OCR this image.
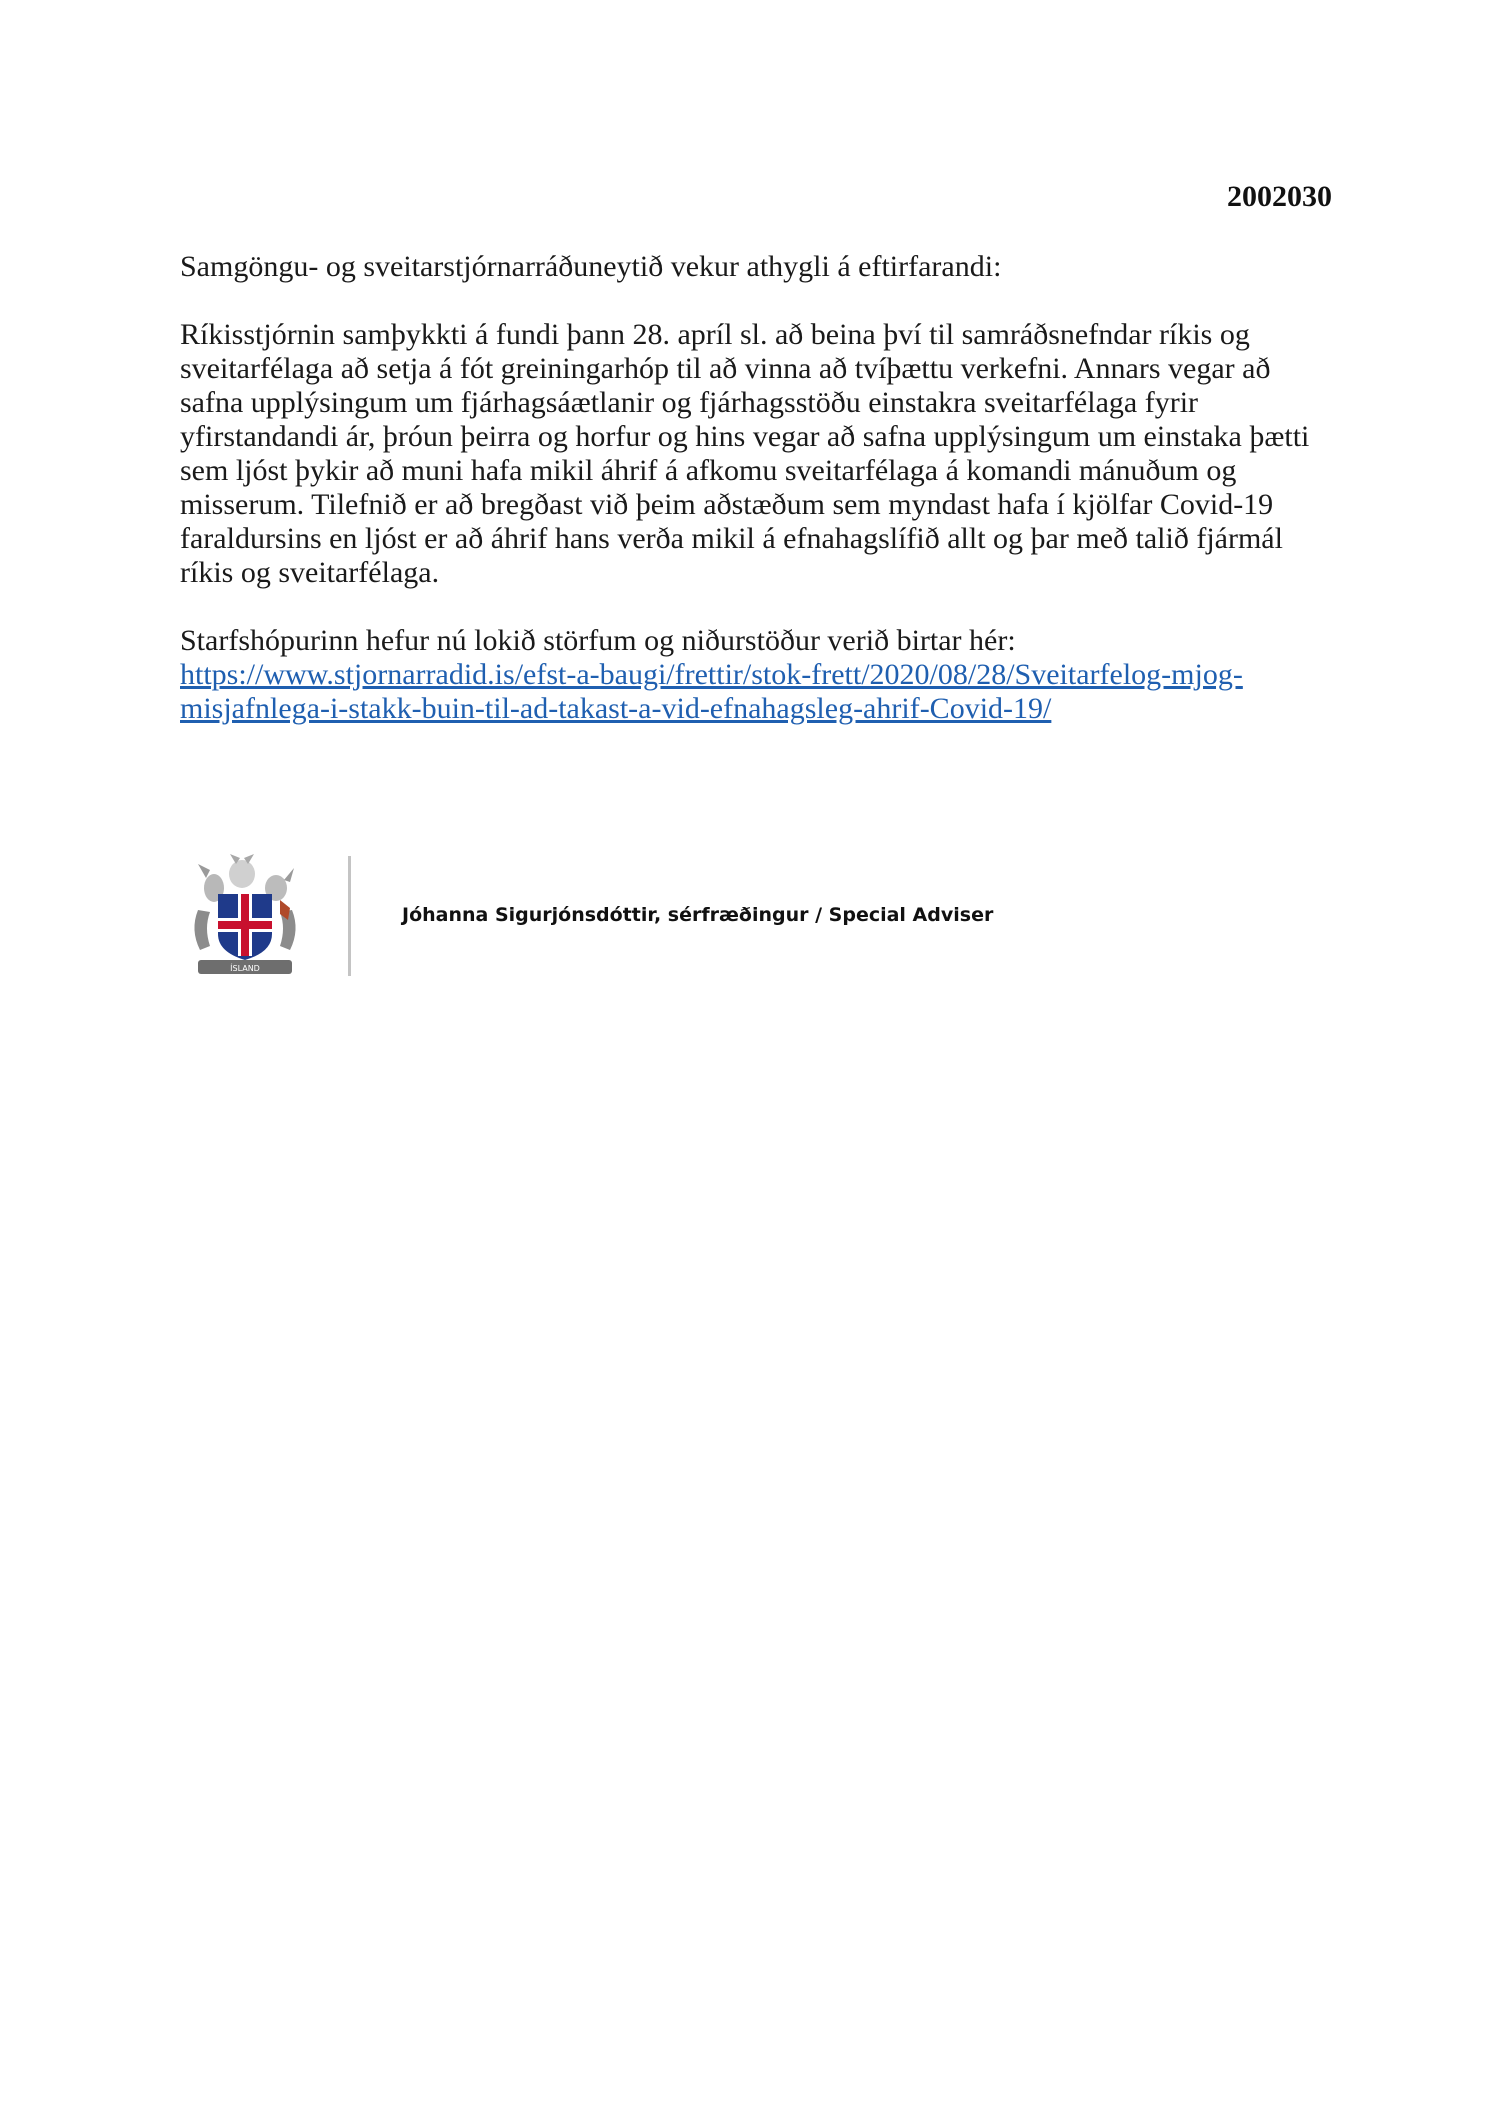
2002030

Samgöngu- og sveitarstjórnarráðuneytið vekur athygli á eftirfarandi:

Ríkisstjórnin samþykkti á fundi þann 28. apríl sl. að beina því til samráðsnefndar ríkis og sveitarfélaga að setja á fót greiningarhóp til að vinna að tvíþættu verkefni. Annars vegar að safna upplýsingum um fjárhagsáætlanir og fjárhagsstöðu einstakra sveitarfélaga fyrir yfirstandandi ár, þróun þeirra og horfur og hins vegar að safna upplýsingum um einstaka þætti sem ljóst þykir að muni hafa mikil áhrif á afkomu sveitarfélaga á komandi mánuðum og misserum. Tilefnið er að bregðast við þeim aðstæðum sem myndast hafa í kjölfar Covid-19 faraldursins en ljóst er að áhrif hans verða mikil á efnahagslífið allt og þar með talið fjármál ríkis og sveitarfélaga.

Starfshópurinn hefur nú lokið störfum og niðurstöður verið birtar hér:
https://www.stjornarradid.is/efst-a-baugi/frettir/stok-frett/2020/08/28/Sveitarfelog-mjog-misjafnlega-i-stakk-buin-til-ad-takast-a-vid-efnahagsleg-ahrif-Covid-19/

ÍSLAND
Jóhanna Sigurjónsdóttir, sérfræðingur / Special Adviser
